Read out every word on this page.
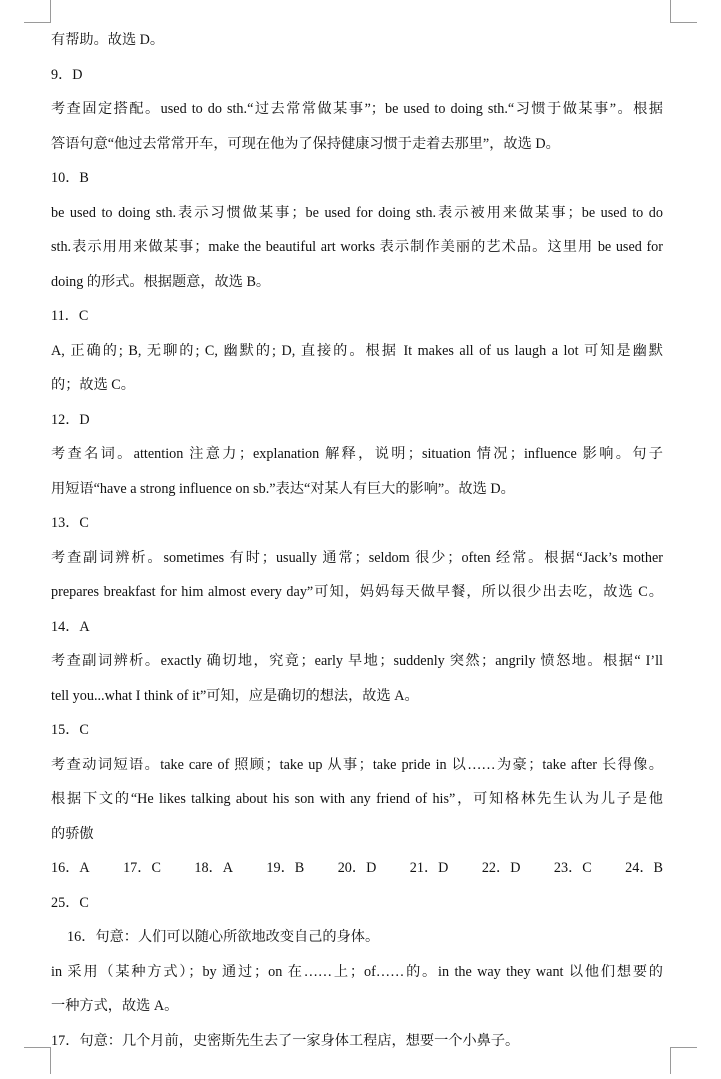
有帮助。故选 D。
9．D
考查固定搭配。used to do sth.“过去常常做某事”；be used to doing sth.“习惯于做某事”。根据
答语句意“他过去常常开车，可现在他为了保持健康习惯于走着去那里”，故选 D。
10．B
be used to doing sth.表示习惯做某事；be used for doing sth.表示被用来做某事；be used to do
sth.表示用用来做某事；make the beautiful art works 表示制作美丽的艺术品。这里用 be used for
doing 的形式。根据题意，故选 B。
11．C
A, 正确的; B, 无聊的; C, 幽默的; D, 直接的。根据 It makes all of us laugh a lot 可知是幽默
的；故选 C。
12．D
考查名词。attention 注意力；explanation 解释，说明；situation 情况；influence 影响。句子
用短语“have a strong influence on sb.”表达“对某人有巨大的影响”。故选 D。
13．C
考查副词辨析。sometimes 有时；usually 通常；seldom 很少；often 经常。根据“Jack’s mother
prepares breakfast for him almost every day”可知，妈妈每天做早餐，所以很少出去吃，故选 C。
14．A
考查副词辨析。exactly 确切地，究竟；early 早地；suddenly 突然；angrily 愤怒地。根据“ I’ll
tell you...what I think of it”可知，应是确切的想法，故选 A。
15．C
考查动词短语。take care of 照顾；take up 从事；take pride in 以……为豪；take after 长得像。
根据下文的“He likes talking about his son with any friend of his”，可知格林先生认为儿子是他
的骄傲
16．A 17．C 18．A 19．B 20．D 21．D 22．D 23．C 24．B
25．C
16．句意：人们可以随心所欲地改变自己的身体。
in 采用（某种方式）；by 通过；on 在……上；of……的。in the way they want 以他们想要的
一种方式，故选 A。
17．句意：几个月前，史密斯先生去了一家身体工程店，想要一个小鼻子。
